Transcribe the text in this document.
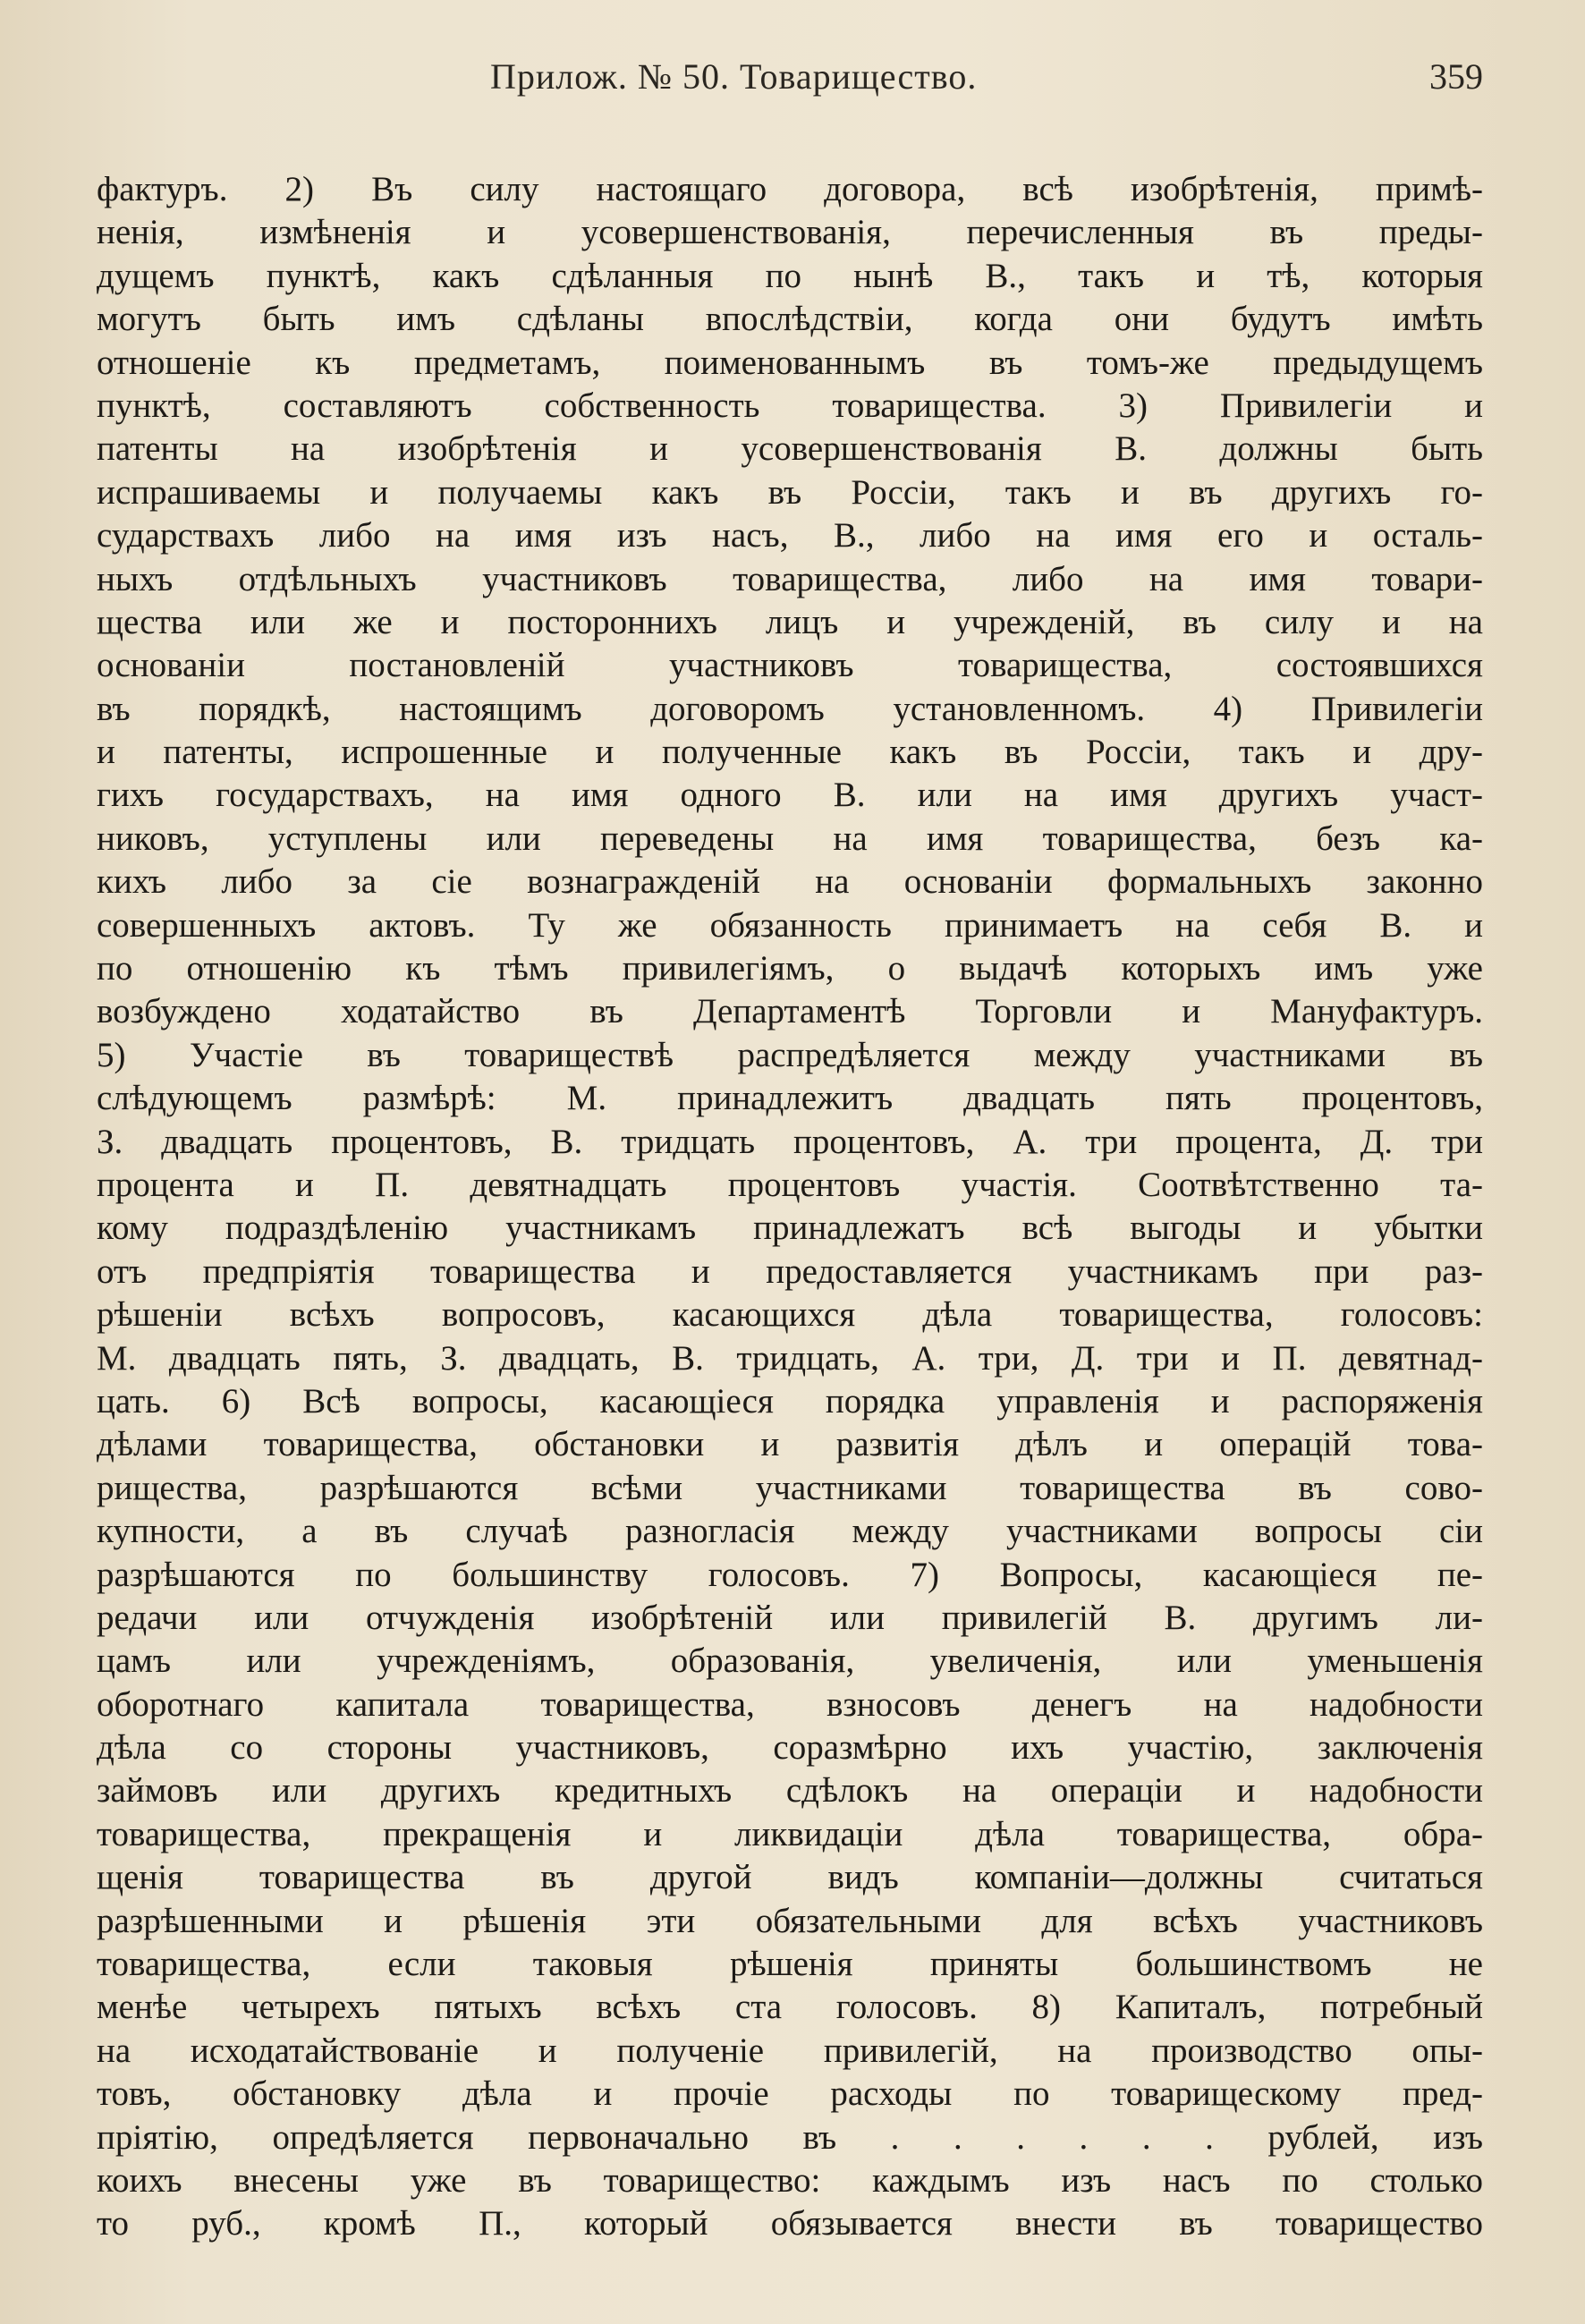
Прилож. № 50. Товарищество.	359
фактуръ. 2) Въ силу настоящаго договора, всѣ изобрѣтенія, примѣ-
ненія, измѣненія и усовершенствованія, перечисленныя въ преды-
дущемъ пунктѣ, какъ сдѣланныя по нынѣ В., такъ и тѣ, которыя
могутъ быть имъ сдѣланы впослѣдствіи, когда они будутъ имѣть
отношеніе къ предметамъ, поименованнымъ въ томъ-же предыдущемъ
пунктѣ, составляютъ собственность товарищества. 3) Привилегіи и
патенты на изобрѣтенія и усовершенствованія В. должны быть
испрашиваемы и получаемы какъ въ Россіи, такъ и въ другихъ го-
сударствахъ либо на имя изъ насъ, В., либо на имя его и осталь-
ныхъ отдѣльныхъ участниковъ товарищества, либо на имя товари-
щества или же и постороннихъ лицъ и учрежденій, въ силу и на
основаніи постановленій участниковъ товарищества, состоявшихся
въ порядкѣ, настоящимъ договоромъ установленномъ. 4) Привилегіи
и патенты, испрошенные и полученные какъ въ Россіи, такъ и дру-
гихъ государствахъ, на имя одного В. или на имя другихъ участ-
никовъ, уступлены или переведены на имя товарищества, безъ ка-
кихъ либо за сіе вознагражденій на основаніи формальныхъ законно
совершенныхъ актовъ. Ту же обязанность принимаетъ на себя В. и
по отношенію къ тѣмъ привилегіямъ, о выдачѣ которыхъ имъ уже
возбуждено ходатайство въ Департаментѣ Торговли и Мануфактуръ.
5) Участіе въ товариществѣ распредѣляется между участниками въ
слѣдующемъ размѣрѣ: М. принадлежитъ двадцать пять процентовъ,
З. двадцать процентовъ, В. тридцать процентовъ, А. три процента, Д. три
процента и П. девятнадцать процентовъ участія. Соотвѣтственно та-
кому подраздѣленію участникамъ принадлежатъ всѣ выгоды и убытки
отъ предпріятія товарищества и предоставляется участникамъ при раз-
рѣшеніи всѣхъ вопросовъ, касающихся дѣла товарищества, голосовъ:
М. двадцать пять, З. двадцать, В. тридцать, А. три, Д. три и П. девятнад-
цать. 6) Всѣ вопросы, касающіеся порядка управленія и распоряженія
дѣлами товарищества, обстановки и развитія дѣлъ и операцій това-
рищества, разрѣшаются всѣми участниками товарищества въ сово-
купности, а въ случаѣ разногласія между участниками вопросы сіи
разрѣшаются по большинству голосовъ. 7) Вопросы, касающіеся пе-
редачи или отчужденія изобрѣтеній или привилегій В. другимъ ли-
цамъ или учрежденіямъ, образованія, увеличенія, или уменьшенія
оборотнаго капитала товарищества, взносовъ денегъ на надобности
дѣла со стороны участниковъ, соразмѣрно ихъ участію, заключенія
займовъ или другихъ кредитныхъ сдѣлокъ на операціи и надобности
товарищества, прекращенія и ликвидаціи дѣла товарищества, обра-
щенія товарищества въ другой видъ компаніи—должны считаться
разрѣшенными и рѣшенія эти обязательными для всѣхъ участниковъ
товарищества, если таковыя рѣшенія приняты большинствомъ не
менѣе четырехъ пятыхъ всѣхъ ста голосовъ. 8) Капиталъ, потребный
на исходатайствованіе и полученіе привилегій, на производство опы-
товъ, обстановку дѣла и прочіе расходы по товарищескому пред-
пріятію, опредѣляется первоначально въ . . . . . . рублей, изъ
коихъ внесены уже въ товарищество: каждымъ изъ насъ по столько
то руб., кромѣ П., который обязывается внести въ товарищество
